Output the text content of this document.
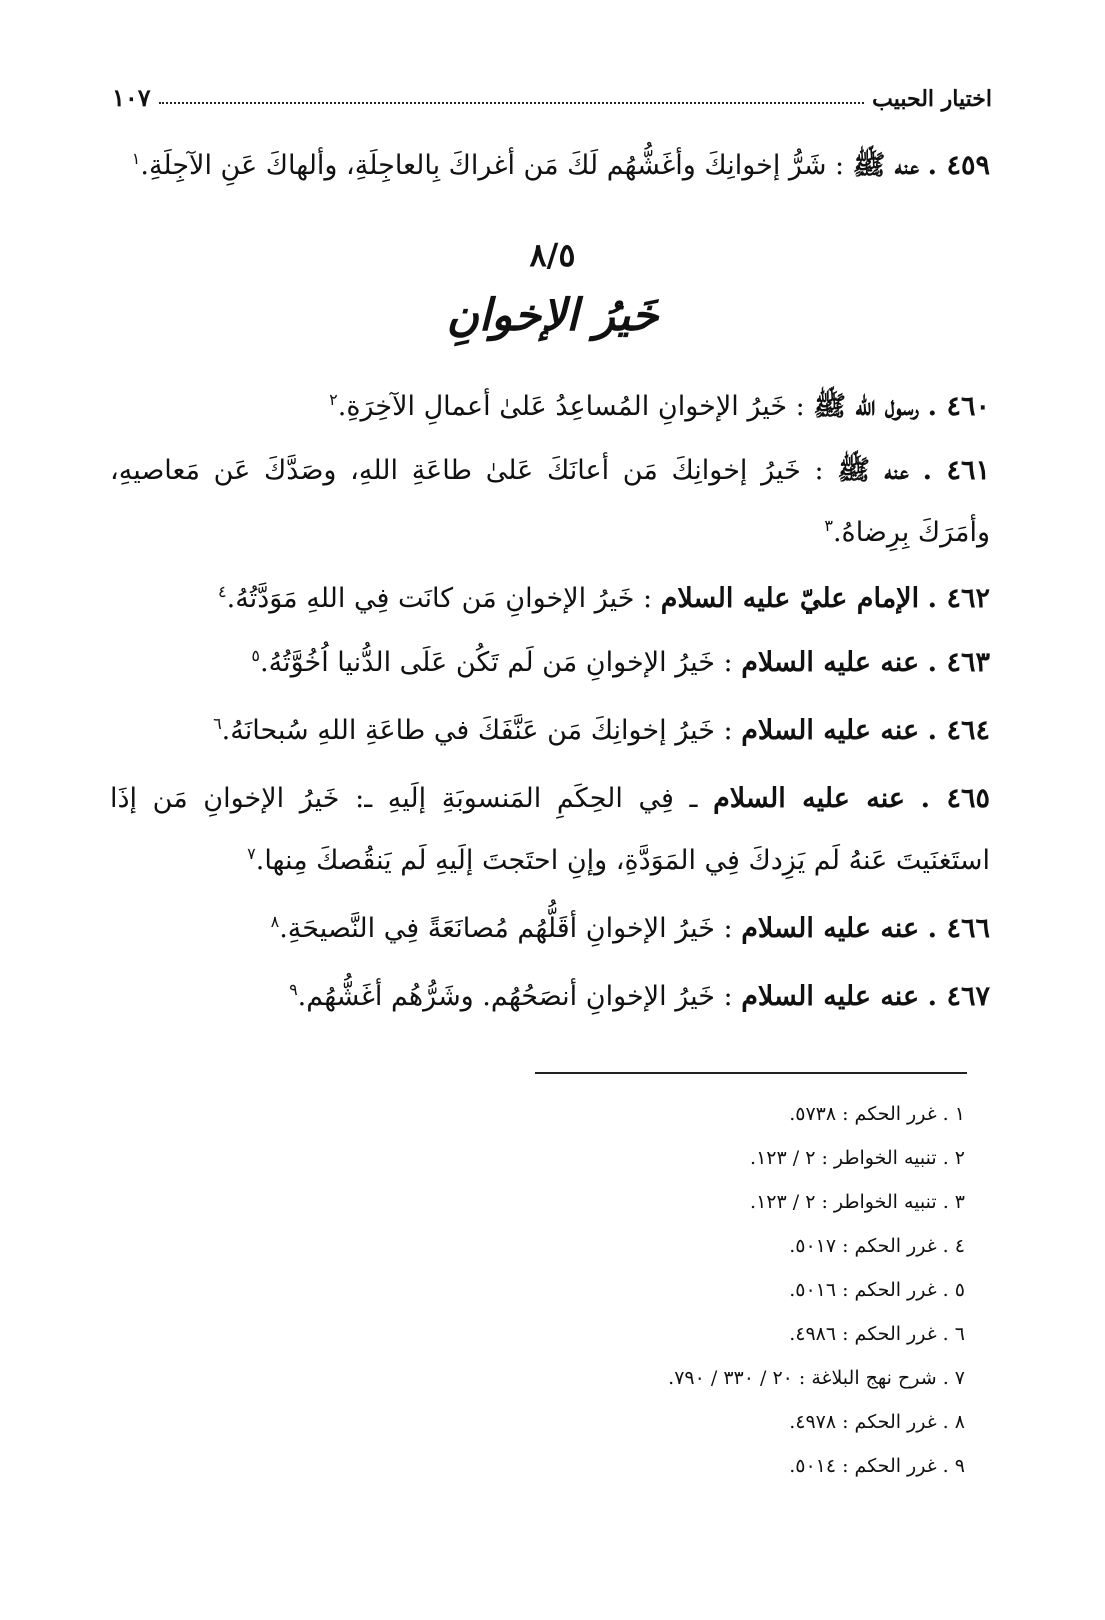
اختيار الحبيب
١٠٧
٤٥٩ . عنه ﷺ : شَرُّ إخوانِكَ وأغَشُّهُم لَكَ مَن أغراكَ بِالعاجِلَةِ، وألهاكَ عَنِ الآجِلَةِ.$^١$
٨/٥
خَيرُ الإخوانِ
٤٦٠ . رسول الله ﷺ : خَيرُ الإخوانِ المُساعِدُ عَلىٰ أعمالِ الآخِرَةِ.$^٢$
٤٦١ . عنه ﷺ : خَيرُ إخوانِكَ مَن أعانَكَ عَلىٰ طاعَةِ اللهِ، وصَدَّكَ عَن مَعاصيهِ، وأمَرَكَ بِرِضاهُ.$^٣$
٤٦٢ . الإمام عليّ عليه السلام : خَيرُ الإخوانِ مَن كانَت فِي اللهِ مَوَدَّتُهُ.$^٤$
٤٦٣ . عنه عليه السلام : خَيرُ الإخوانِ مَن لَم تَكُن عَلَى الدُّنيا اُخُوَّتُهُ.$^٥$
٤٦٤ . عنه عليه السلام : خَيرُ إخوانِكَ مَن عَنَّفَكَ في طاعَةِ اللهِ سُبحانَهُ.$^٦$
٤٦٥ . عنه عليه السلام ـ فِي الحِكَمِ المَنسوبَةِ إلَيهِ ـ: خَيرُ الإخوانِ مَن إذَا استَغنَيتَ عَنهُ لَم يَزِدكَ فِي المَوَدَّةِ، وإنِ احتَجتَ إلَيهِ لَم يَنقُصكَ مِنها.$^٧$
٤٦٦ . عنه عليه السلام : خَيرُ الإخوانِ أقَلُّهُم مُصانَعَةً فِي النَّصيحَةِ.$^٨$
٤٦٧ . عنه عليه السلام : خَيرُ الإخوانِ أنصَحُهُم. وشَرُّهُم أغَشُّهُم.$^٩$
١ . غرر الحكم : ٥٧٣٨.
٢ . تنبيه الخواطر : ٢ / ١٢٣.
٣ . تنبيه الخواطر : ٢ / ١٢٣.
٤ . غرر الحكم : ٥٠١٧.
٥ . غرر الحكم : ٥٠١٦.
٦ . غرر الحكم : ٤٩٨٦.
٧ . شرح نهج البلاغة : ٢٠ / ٣٣٠ / ٧٩٠.
٨ . غرر الحكم : ٤٩٧٨.
٩ . غرر الحكم : ٥٠١٤.
